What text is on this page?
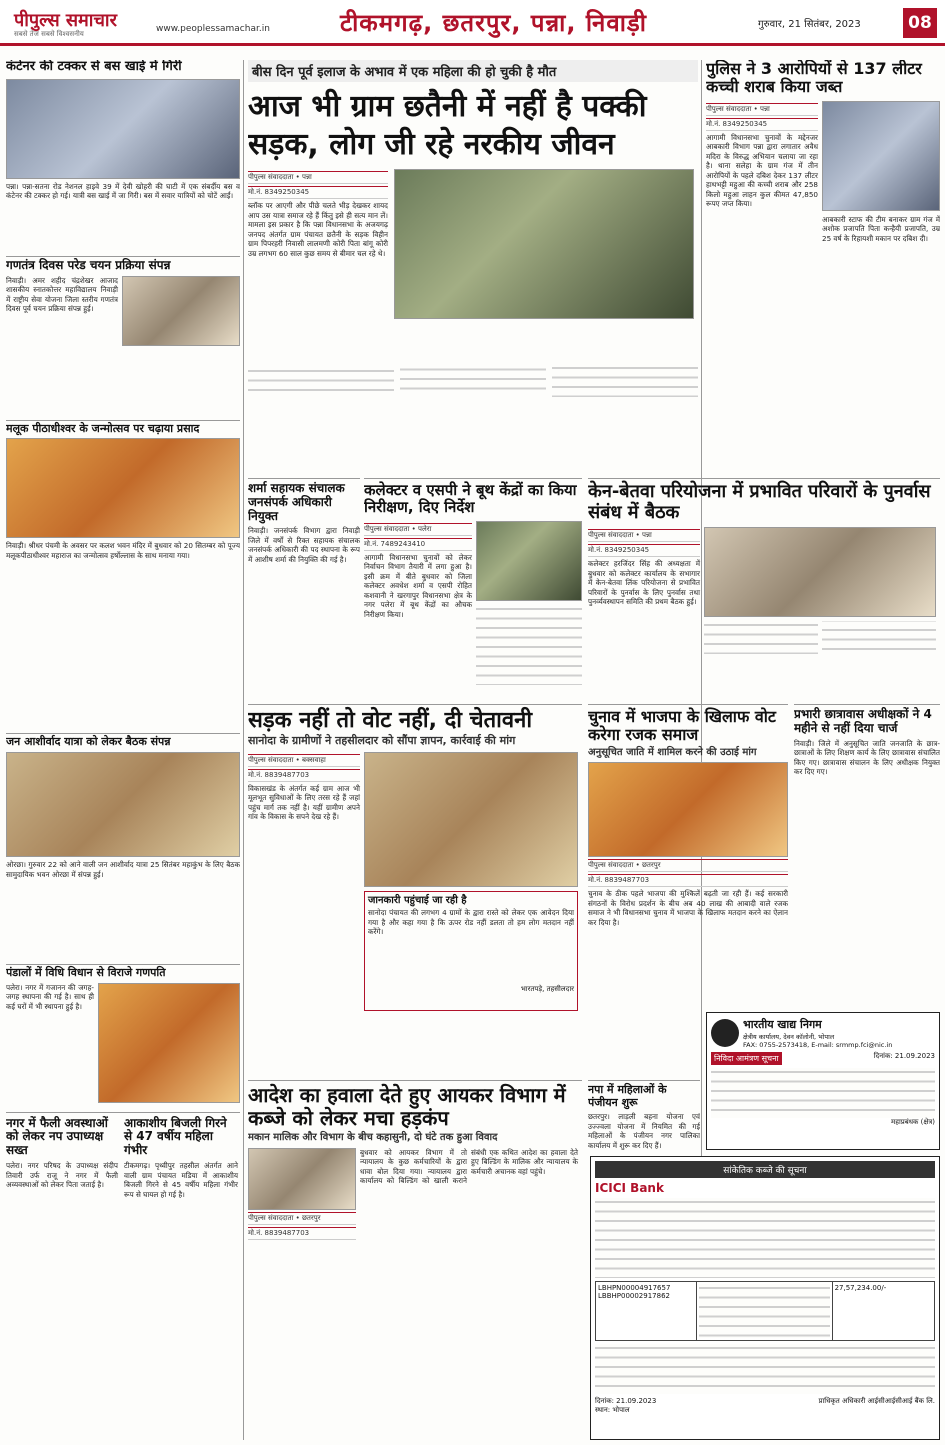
पीपुल्स समाचार
सबसे तेज सबसे विश्वसनीय	www.peoplessamachar.in	टीकमगढ़, छतरपुर, पन्ना, निवाड़ी	गुरुवार, 21 सितंबर, 2023	08
कंटेनर की टक्कर से बस खाई में गिरी
पन्ना। पन्ना-सतना रोड नेशनल हाइवे 39 में देवी खोहरी की घाटी में एक संबर्दीय बस व कंटेनर की टक्कर हो गई। यात्री बस खाई में जा गिरी। बस में सवार यात्रियों को चोटें आईं।
गणतंत्र दिवस परेड चयन प्रक्रिया संपन्न
निवाड़ी। अमर शहीद चंद्रशेखर आजाद शासकीय स्नातकोत्तर महाविद्यालय निवाड़ी में राष्ट्रीय सेवा योजना जिला स्तरीय गणतंत्र दिवस पूर्व चयन प्रक्रिया संपन्न हुई।
मलूक पीठाधीश्वर के जन्मोत्सव पर चढ़ाया प्रसाद
निवाड़ी। श्रीधर पंचमी के अवसर पर कलश भवन मंदिर में बुधवार को 20 सितम्बर को पूज्य मलूकपीठाधीश्वर महाराज का जन्मोत्सव हर्षोल्लास के साथ मनाया गया।
जन आशीर्वाद यात्रा को लेकर बैठक संपन्न
ओरछा। गुरुवार 22 को आने वाली जन आशीर्वाद यात्रा 25 सितंबर महाकुंभ के लिए बैठक सामुदायिक भवन ओरछा में संपन्न हुई।
पंडालों में विधि विधान से विराजे गणपति
पलेरा। नगर में गजानन की जगह-जगह स्थापना की गई है। साथ ही कई घरों में भी स्थापना हुई है।
नगर में फैली अवस्थाओं को लेकर नप उपाध्यक्ष सख्त
पलेरा। नगर परिषद के उपाध्यक्ष संदीप तिवारी उर्फ राजू ने नगर में फैली अव्यवस्थाओं को लेकर पिता जताई है।
आकाशीय बिजली गिरने से 47 वर्षीय महिला गंभीर
टीकमगढ़। पृथ्वीपुर तहसील अंतर्गत आने वाली ग्राम पंचायत मडिया में आकाशीय बिजली गिरने से 45 वर्षीय महिला गंभीर रूप से घायल हो गई है।
बीस दिन पूर्व इलाज के अभाव में एक महिला की हो चुकी है मौत
आज भी ग्राम छतैनी में नहीं है पक्की सड़क, लोग जी रहे नरकीय जीवन
पीपुल्स संवाददाता • पन्ना
मो.नं. 8349250345
ब्लॉक पर आएगी और पीछे चलते भीड़ देखकर शायद आप उस यात्रा समाज रहे हैं किंतु इसे ही सत्य मान लें। मामला इस प्रकार है कि पन्ना विधानसभा के अजयगढ़ जनपद अंतर्गत ग्राम पंचायत छतैनी के सड़क विहीन ग्राम पिपरहरी निवासी लालमणी कोरी पिता बांगू कोरी उम्र लगभग 60 साल कुछ समय से बीमार चल रहे थे।
पुलिस ने 3 आरोपियों से 137 लीटर कच्ची शराब किया जब्त
पीपुल्स संवाददाता • पन्ना
मो.नं. 8349250345
आगामी विधानसभा चुनावों के मद्देनजर आबकारी विभाग पन्ना द्वारा लगातार अवैध मदिरा के विरुद्ध अभियान चलाया जा रहा है। थाना सलेहा के ग्राम गंज में तीन आरोपियों के पहले दबिश देकर 137 लीटर हाथभट्टी महुआ की कच्ची शराब और 258 किलो महुआ लाहन कुल कीमत 47,850 रूपए जप्त किया।
आबकारी स्टाफ की टीम बनाकर ग्राम गंज में अशोक प्रजापति पिता कन्हैयी प्रजापति, उम्र 25 वर्ष के रिहायशी मकान पर दबिश दी।
शर्मा सहायक संचालक जनसंपर्क अधिकारी नियुक्त
निवाड़ी। जनसंपर्क विभाग द्वारा निवाड़ी जिले में वर्षों से रिक्त सहायक संचालक जनसंपर्क अधिकारी की पद स्थापना के रूप में आशीष शर्मा की नियुक्ति की गई है।
कलेक्टर व एसपी ने बूथ केंद्रों का किया निरीक्षण, दिए निर्देश
पीपुल्स संवाददाता • पलेरा
मो.नं. 7489243410
आगामी विधानसभा चुनावों को लेकर निर्वाचन विभाग तैयारी में लगा हुआ है। इसी क्रम में बीते बुधवार को जिला कलेक्टर अवधेश शर्मा व एसपी रोहित कशवानी ने खरगापुर विधानसभा क्षेत्र के नगर पलेरा में बूथ केंद्रों का औचक निरीक्षण किया।
केन-बेतवा परियोजना में प्रभावित परिवारों के पुनर्वास संबंध में बैठक
पीपुल्स संवाददाता • पन्ना
मो.नं. 8349250345
कलेक्टर हरजिंदर सिंह की अध्यक्षता में बुधवार को कलेक्टर कार्यालय के सभागार में केन-बेतवा लिंक परियोजना से प्रभावित परिवारों के पुनर्वास के लिए पुनर्वास तथा पुनर्व्यवस्थापन समिति की प्रथम बैठक हुई।
सड़क नहीं तो वोट नहीं, दी चेतावनी
सानोदा के ग्रामीणों ने तहसीलदार को सौंपा ज्ञापन, कार्रवाई की मांग
पीपुल्स संवाददाता • बक्सवाहा
मो.नं. 8839487703
विकासखंड के अंतर्गत कई ग्राम आज भी मूलभूत सुविधाओं के लिए तरस रहे हैं जहां पहुंच मार्ग तक नहीं है। यहीं ग्रामीण अपने गांव के विकास के सपने देख रहे हैं।
जानकारी पहुंचाई जा रही है
सानोदा पंचायत की लगभग 4 ग्रामों के द्वारा रास्ते को लेकर एक आवेदन दिया गया है और कहा गया है कि ऊपर रोड नहीं डलता तो हम लोग मतदान नहीं करेंगे।
भारतपड़े, तहसीलदार
चुनाव में भाजपा के खिलाफ वोट करेगा रजक समाज
अनुसूचित जाति में शामिल करने की उठाई मांग
पीपुल्स संवाददाता • छतरपुर
मो.नं. 8839487703
चुनाव के ठीक पहले भाजपा की मुश्किलें बढ़ती जा रही हैं। कई सरकारी संगठनों के विरोध प्रदर्शन के बीच अब 40 लाख की आबादी वाले रजक समाज ने भी विधानसभा चुनाव में भाजपा के खिलाफ मतदान करने का ऐलान कर दिया है।
प्रभारी छात्रावास अधीक्षकों ने 4 महीने से नहीं दिया चार्ज
निवाड़ी। जिले में अनुसूचित जाति जनजाति के छात्र-छात्राओं के लिए शिक्षण कार्य के लिए छात्रावास संचालित किए गए। छात्रावास संचालन के लिए अधीक्षक नियुक्त कर दिए गए।
आदेश का हवाला देते हुए आयकर विभाग में कब्जे को लेकर मचा हड़कंप
मकान मालिक और विभाग के बीच कहासुनी, दो घंटे तक हुआ विवाद
पीपुल्स संवाददाता • छतरपुर
मो.नं. 8839487703
बुधवार को आयकर विभाग में तो न्यायालय के कुछ कर्मचारियों के द्वारा धावा बोल दिया गया। न्यायालय द्वारा कार्यालय को बिल्डिंग को खाली कराने संबंधी एक कथित आदेश का हवाला देते हुए बिल्डिंग के मालिक और न्यायालय के कर्मचारी अचानक वहां पहुंचे।
नपा में महिलाओं के पंजीयन शुरू
छतरपुर। लाड़ली बहना योजना एवं उज्ज्वला योजना में नियमित की गई महिलाओं के पंजीयन नगर पालिका कार्यालय में शुरू कर दिए हैं।
भारतीय खाद्य निगम
क्षेत्रीय कार्यालय, देवन कॉलोनी, भोपाल
FAX: 0755-2573418, E-mail: srmmp.fci@nic.in
निविदा आमंत्रण सूचना	दिनांक: 21.09.2023
महाप्रबंधक (क्षेत्र)
सांकेतिक कब्जे की सूचना
ICICI Bank
LBHPN00004917657
LBBHP00002917862
27,57,234.00/-
दिनांक: 21.09.2023
स्थान: भोपाल
प्राधिकृत अधिकारी आईसीआईसीआई बैंक लि.
